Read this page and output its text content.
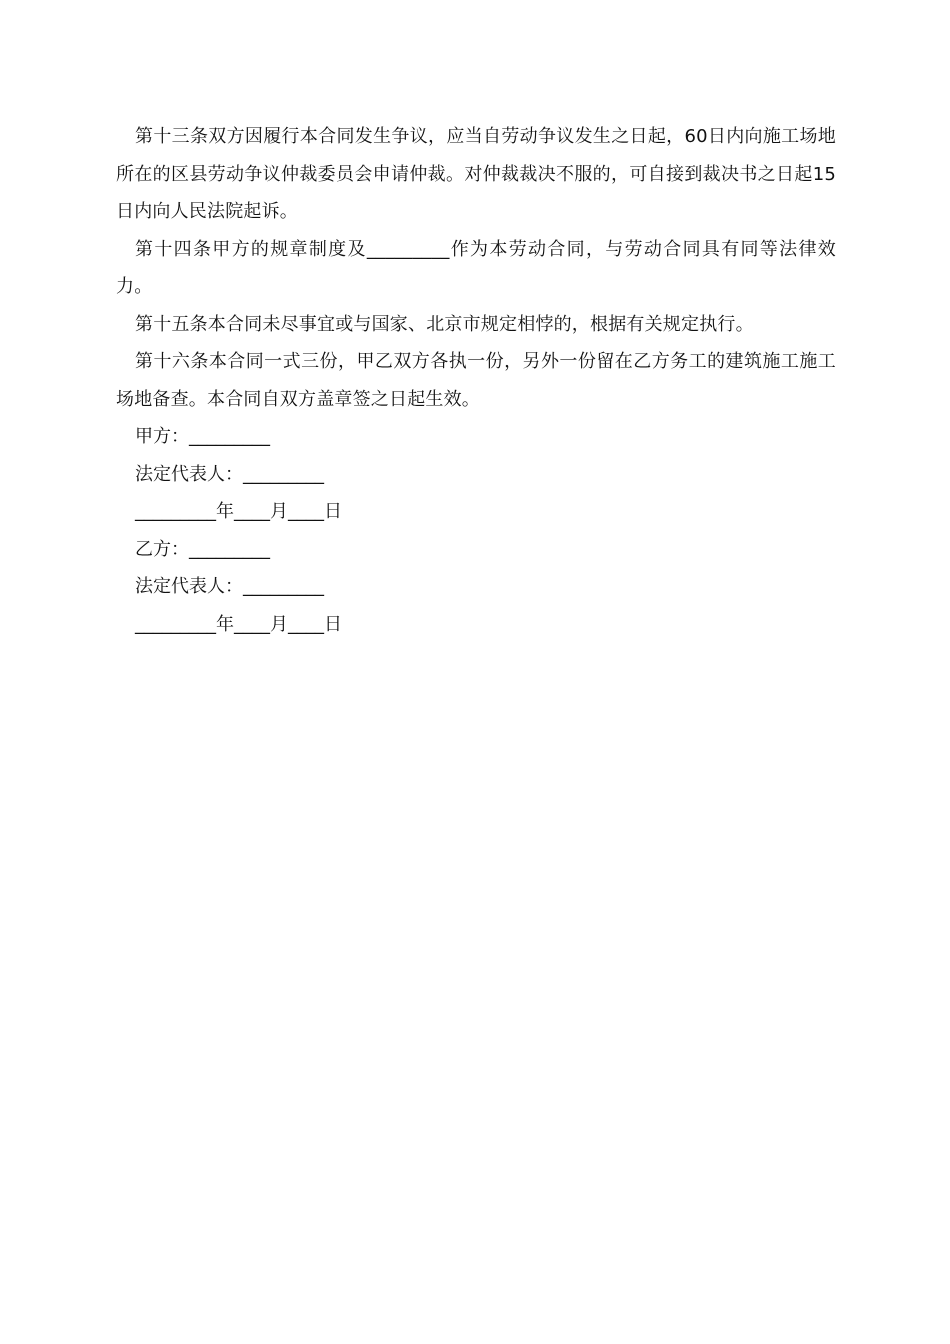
第十三条双方因履行本合同发生争议，应当自劳动争议发生之日起，60日内向施工场地所在的区县劳动争议仲裁委员会申请仲裁。对仲裁裁决不服的，可自接到裁决书之日起15日内向人民法院起诉。

第十四条甲方的规章制度及_________作为本劳动合同，与劳动合同具有同等法律效力。

第十五条本合同未尽事宜或与国家、北京市规定相悖的，根据有关规定执行。

第十六条本合同一式三份，甲乙双方各执一份，另外一份留在乙方务工的建筑施工施工场地备查。本合同自双方盖章签之日起生效。

甲方：_________

法定代表人：_________

_________年____月____日

乙方：_________

法定代表人：_________

_________年____月____日
